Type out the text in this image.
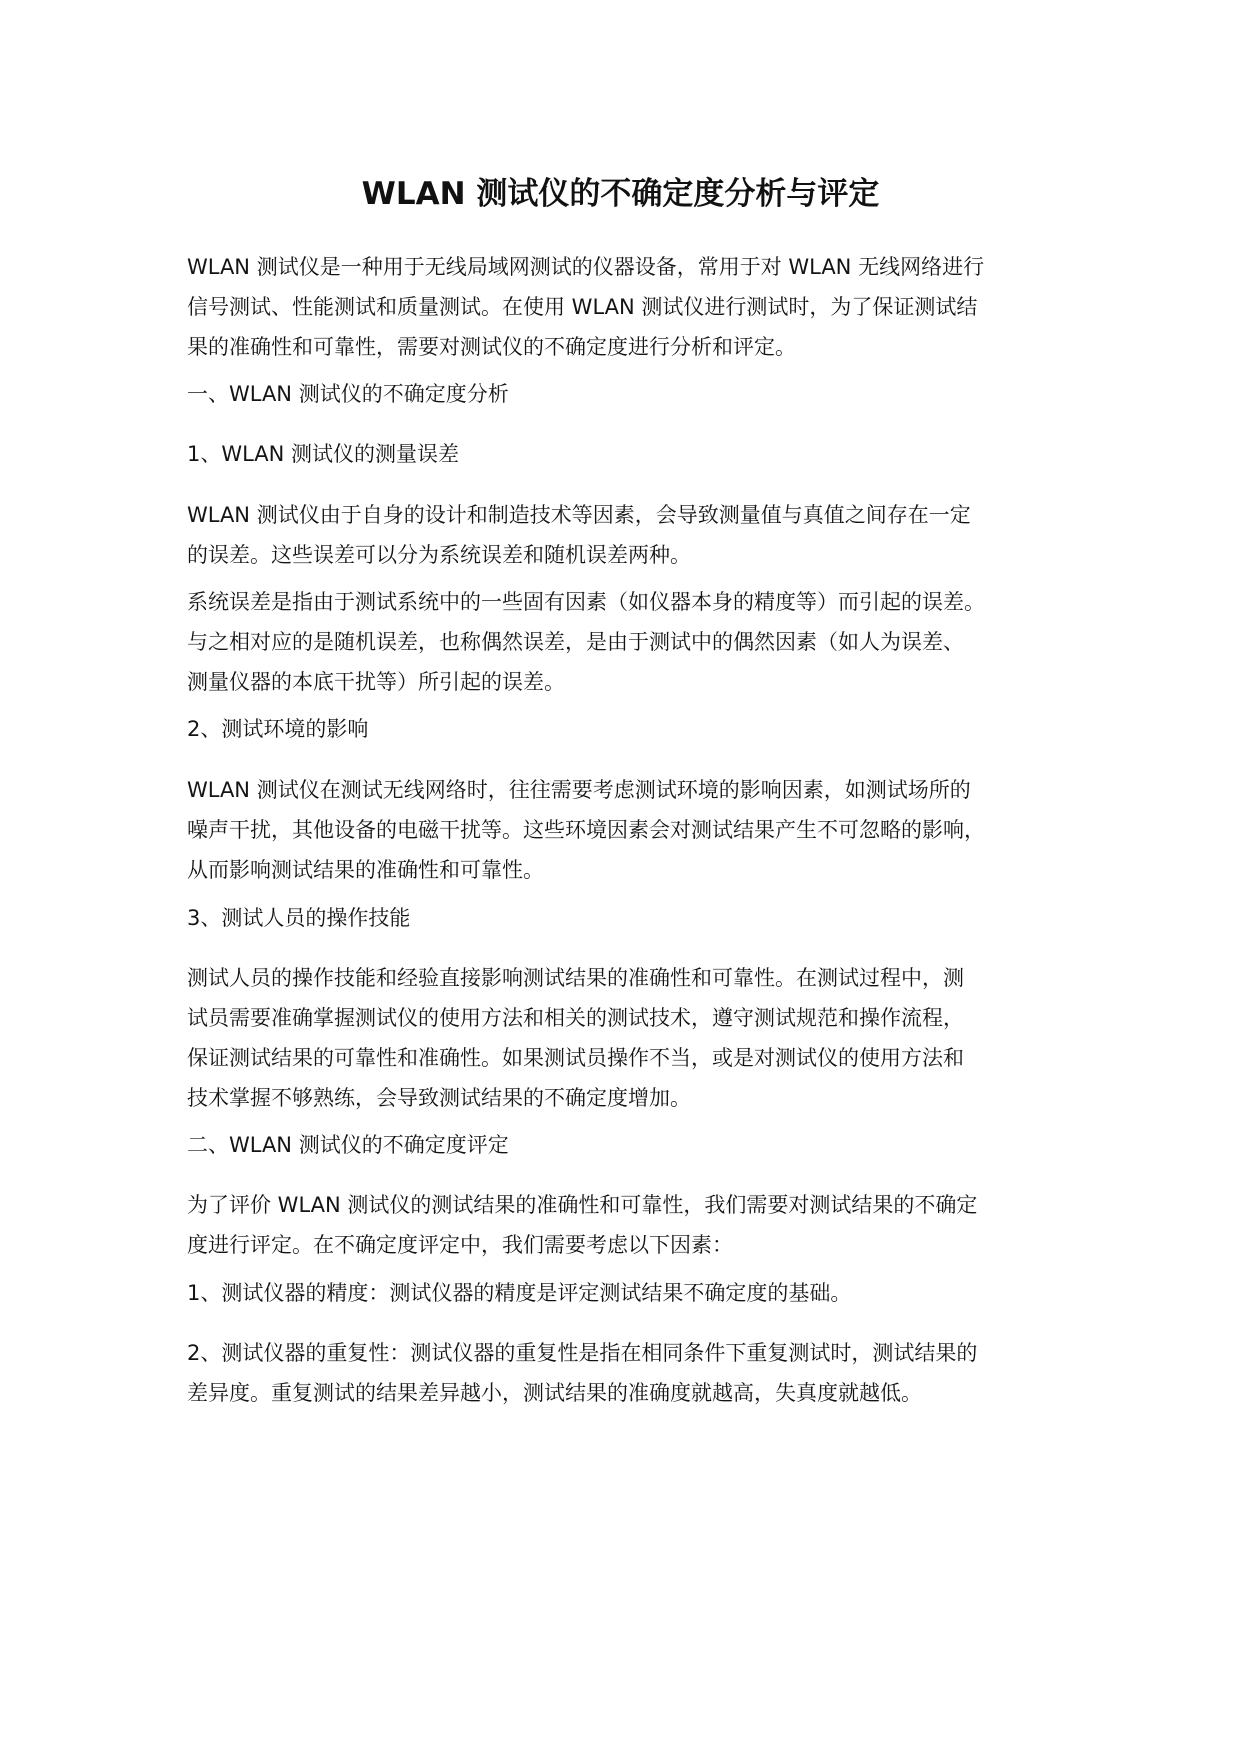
WLAN 测试仪的不确定度分析与评定
WLAN 测试仪是一种用于无线局域网测试的仪器设备，常用于对 WLAN 无线网络进行
信号测试、性能测试和质量测试。在使用 WLAN 测试仪进行测试时，为了保证测试结
果的准确性和可靠性，需要对测试仪的不确定度进行分析和评定。
一、WLAN 测试仪的不确定度分析
1、WLAN 测试仪的测量误差
WLAN 测试仪由于自身的设计和制造技术等因素，会导致测量值与真值之间存在一定
的误差。这些误差可以分为系统误差和随机误差两种。
系统误差是指由于测试系统中的一些固有因素（如仪器本身的精度等）而引起的误差。
与之相对应的是随机误差，也称偶然误差，是由于测试中的偶然因素（如人为误差、
测量仪器的本底干扰等）所引起的误差。
2、测试环境的影响
WLAN 测试仪在测试无线网络时，往往需要考虑测试环境的影响因素，如测试场所的
噪声干扰，其他设备的电磁干扰等。这些环境因素会对测试结果产生不可忽略的影响，
从而影响测试结果的准确性和可靠性。
3、测试人员的操作技能
测试人员的操作技能和经验直接影响测试结果的准确性和可靠性。在测试过程中，测
试员需要准确掌握测试仪的使用方法和相关的测试技术，遵守测试规范和操作流程，
保证测试结果的可靠性和准确性。如果测试员操作不当，或是对测试仪的使用方法和
技术掌握不够熟练，会导致测试结果的不确定度增加。
二、WLAN 测试仪的不确定度评定
为了评价 WLAN 测试仪的测试结果的准确性和可靠性，我们需要对测试结果的不确定
度进行评定。在不确定度评定中，我们需要考虑以下因素：
1、测试仪器的精度：测试仪器的精度是评定测试结果不确定度的基础。
2、测试仪器的重复性：测试仪器的重复性是指在相同条件下重复测试时，测试结果的
差异度。重复测试的结果差异越小，测试结果的准确度就越高，失真度就越低。
